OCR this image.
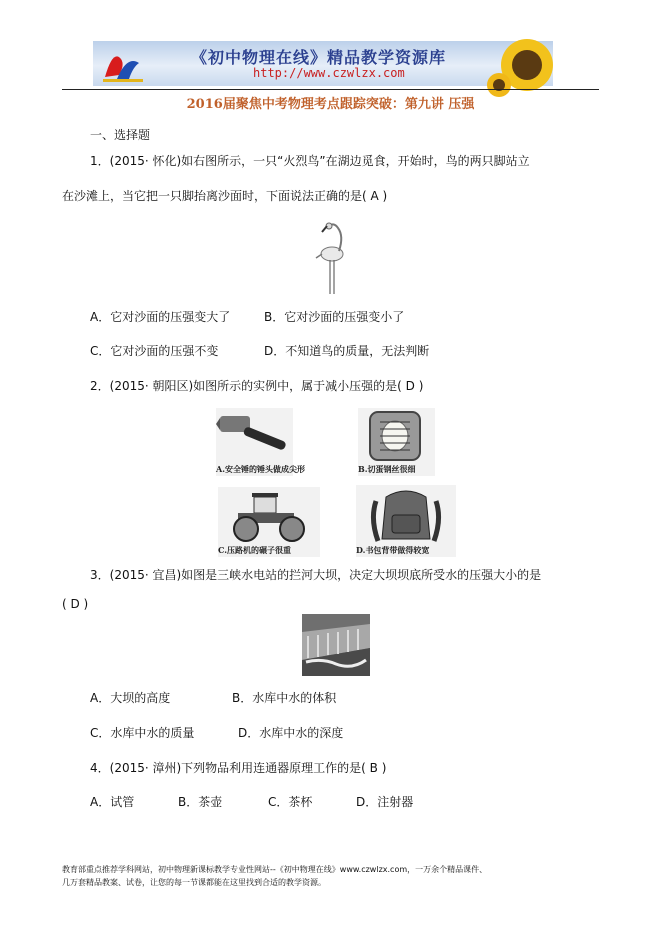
《初中物理在线》精品教学资源库
http://www.czwlzx.com
2016届聚焦中考物理考点跟踪突破：第九讲 压强
一、选择题
1．(2015· 怀化)如右图所示，一只“火烈鸟”在湖边觅食，开始时，鸟的两只脚站立
在沙滩上，当它把一只脚抬离沙面时，下面说法正确的是( A )
A．它对沙面的压强变大了	B．它对沙面的压强变小了
C．它对沙面的压强不变	D．不知道鸟的质量，无法判断
2．(2015· 朝阳区)如图所示的实例中，属于减小压强的是( D )
A.安全锤的锤头做成尖形	B.切蛋钢丝很细
C.压路机的碾子很重	D.书包背带做得较宽
3．(2015· 宜昌)如图是三峡水电站的拦河大坝，决定大坝坝底所受水的压强大小的是
( D )
A．大坝的高度	B．水库中水的体积
C．水库中水的质量	D．水库中水的深度
4．(2015· 漳州)下列物品利用连通器原理工作的是( B )
A．试管	B．茶壶	C．茶杯	D．注射器
教育部重点推荐学科网站，初中物理新课标教学专业性网站--《初中物理在线》www.czwlzx.com，一万余个精品课件、
几万套精品教案、试卷，让您的每一节课都能在这里找到合适的教学资源。
